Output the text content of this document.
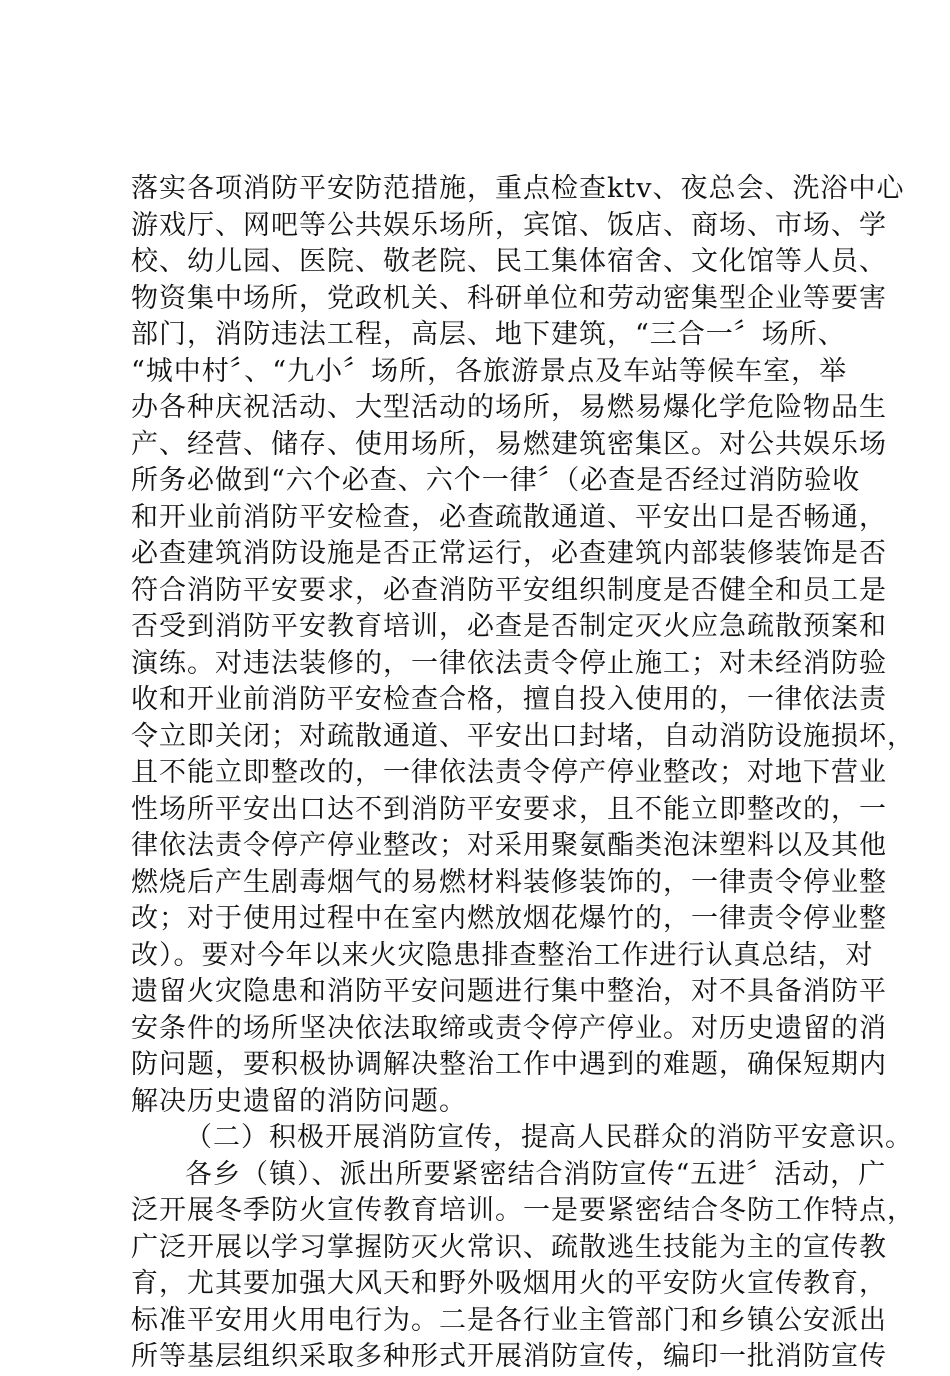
落实各项消防平安防范措施，重点检查ktv、夜总会、洗浴中心
游戏厅、网吧等公共娱乐场所，宾馆、饭店、商场、市场、学
校、幼儿园、医院、敬老院、民工集体宿舍、文化馆等人员、
物资集中场所，党政机关、科研单位和劳动密集型企业等要害
部门，消防违法工程，高层、地下建筑，“三合一〞场所、
“城中村〞、“九小〞场所，各旅游景点及车站等候车室，举
办各种庆祝活动、大型活动的场所，易燃易爆化学危险物品生
产、经营、储存、使用场所，易燃建筑密集区。对公共娱乐场
所务必做到“六个必查、六个一律〞（必查是否经过消防验收
和开业前消防平安检查，必查疏散通道、平安出口是否畅通，
必查建筑消防设施是否正常运行，必查建筑内部装修装饰是否
符合消防平安要求，必查消防平安组织制度是否健全和员工是
否受到消防平安教育培训，必查是否制定灭火应急疏散预案和
演练。对违法装修的，一律依法责令停止施工；对未经消防验
收和开业前消防平安检查合格，擅自投入使用的，一律依法责
令立即关闭；对疏散通道、平安出口封堵，自动消防设施损坏，
且不能立即整改的，一律依法责令停产停业整改；对地下营业
性场所平安出口达不到消防平安要求，且不能立即整改的，一
律依法责令停产停业整改；对采用聚氨酯类泡沫塑料以及其他
燃烧后产生剧毒烟气的易燃材料装修装饰的，一律责令停业整
改；对于使用过程中在室内燃放烟花爆竹的，一律责令停业整
改）。要对今年以来火灾隐患排查整治工作进行认真总结，对
遗留火灾隐患和消防平安问题进行集中整治，对不具备消防平
安条件的场所坚决依法取缔或责令停产停业。对历史遗留的消
防问题，要积极协调解决整治工作中遇到的难题，确保短期内
解决历史遗留的消防问题。
（二）积极开展消防宣传，提高人民群众的消防平安意识。
各乡（镇）、派出所要紧密结合消防宣传“五进〞活动，广
泛开展冬季防火宣传教育培训。一是要紧密结合冬防工作特点，
广泛开展以学习掌握防灭火常识、疏散逃生技能为主的宣传教
育，尤其要加强大风天和野外吸烟用火的平安防火宣传教育，
标准平安用火用电行为。二是各行业主管部门和乡镇公安派出
所等基层组织采取多种形式开展消防宣传，编印一批消防宣传
